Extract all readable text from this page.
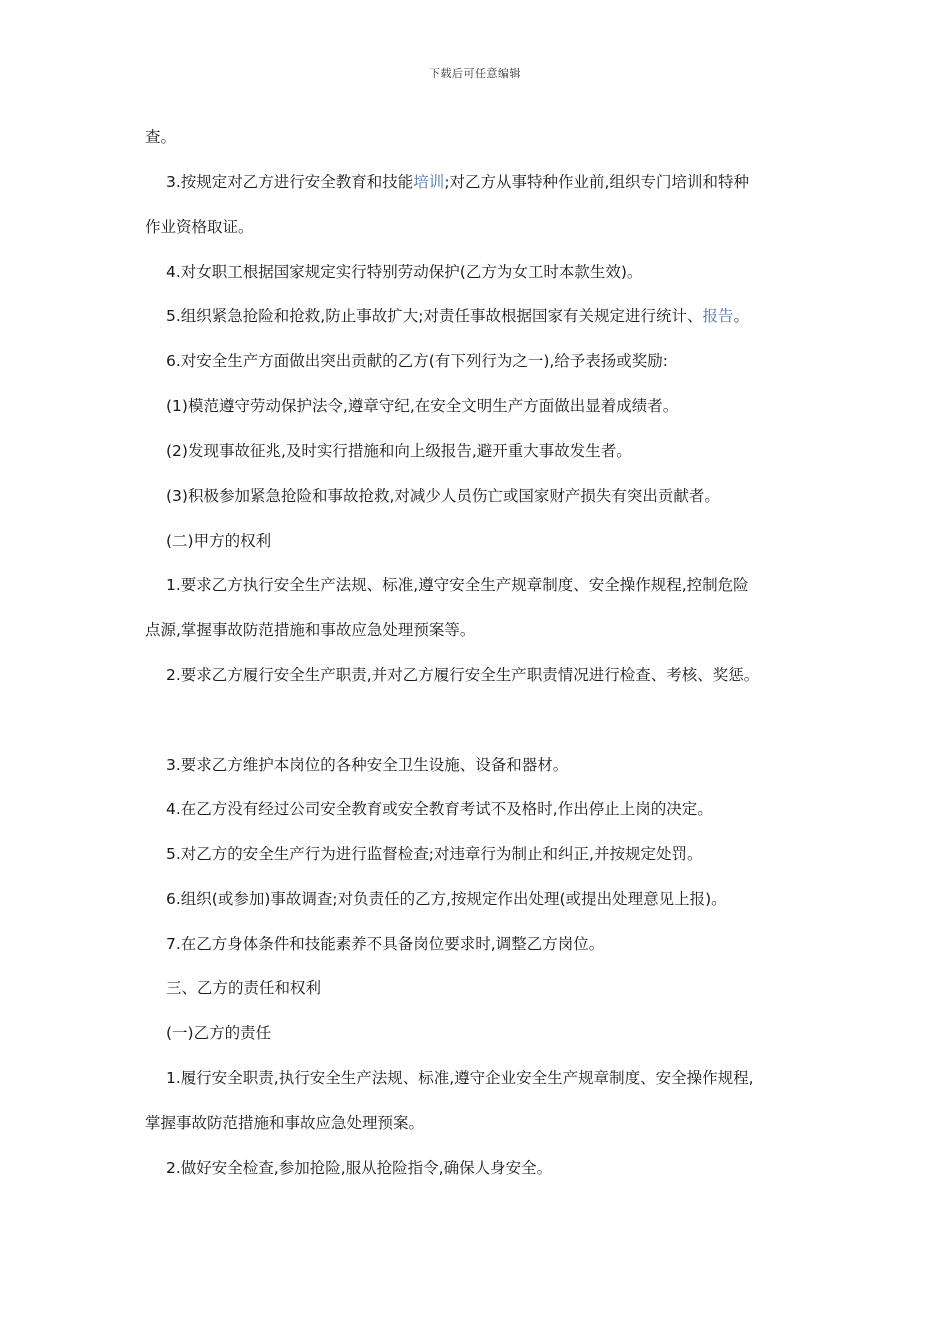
下载后可任意编辑
查。
3.按规定对乙方进行安全教育和技能培训;对乙方从事特种作业前,组织专门培训和特种
作业资格取证。
4.对女职工根据国家规定实行特别劳动保护(乙方为女工时本款生效)。
5.组织紧急抢险和抢救,防止事故扩大;对责任事故根据国家有关规定进行统计、报告。
6.对安全生产方面做出突出贡献的乙方(有下列行为之一),给予表扬或奖励:
(1)模范遵守劳动保护法令,遵章守纪,在安全文明生产方面做出显着成绩者。
(2)发现事故征兆,及时实行措施和向上级报告,避开重大事故发生者。
(3)积极参加紧急抢险和事故抢救,对减少人员伤亡或国家财产损失有突出贡献者。
(二)甲方的权利
1.要求乙方执行安全生产法规、标准,遵守安全生产规章制度、安全操作规程,控制危险
点源,掌握事故防范措施和事故应急处理预案等。
2.要求乙方履行安全生产职责,并对乙方履行安全生产职责情况进行检查、考核、奖惩。
3.要求乙方维护本岗位的各种安全卫生设施、设备和器材。
4.在乙方没有经过公司安全教育或安全教育考试不及格时,作出停止上岗的决定。
5.对乙方的安全生产行为进行监督检查;对违章行为制止和纠正,并按规定处罚。
6.组织(或参加)事故调查;对负责任的乙方,按规定作出处理(或提出处理意见上报)。
7.在乙方身体条件和技能素养不具备岗位要求时,调整乙方岗位。
三、乙方的责任和权利
(一)乙方的责任
1.履行安全职责,执行安全生产法规、标准,遵守企业安全生产规章制度、安全操作规程,
掌握事故防范措施和事故应急处理预案。
2.做好安全检查,参加抢险,服从抢险指令,确保人身安全。
